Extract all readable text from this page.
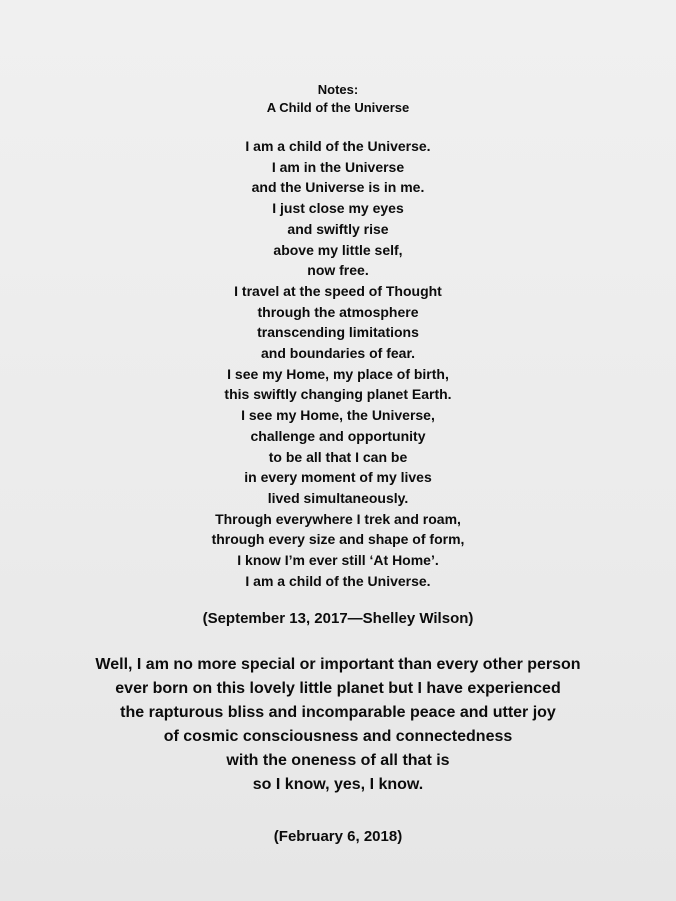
Notes:
A Child of the Universe
I am a child of the Universe.
I am in the Universe
and the Universe is in me.
I just close my eyes
and swiftly rise
above my little self,
now free.
I travel at the speed of Thought
through the atmosphere
transcending limitations
and boundaries of fear.
I see my Home, my place of birth,
this swiftly changing planet Earth.
I see my Home, the Universe,
challenge and opportunity
to be all that I can be
in every moment of my lives
lived simultaneously.
Through everywhere I trek and roam,
through every size and shape of form,
I know I’m ever still ‘At Home’.
I am a child of the Universe.
(September 13, 2017—Shelley Wilson)
Well, I am no more special or important than every other person
ever born on this lovely little planet but I have experienced
the rapturous bliss and incomparable peace and utter joy
of cosmic consciousness and connectedness
with the oneness of all that is
so I know, yes, I know.
(February 6, 2018)
